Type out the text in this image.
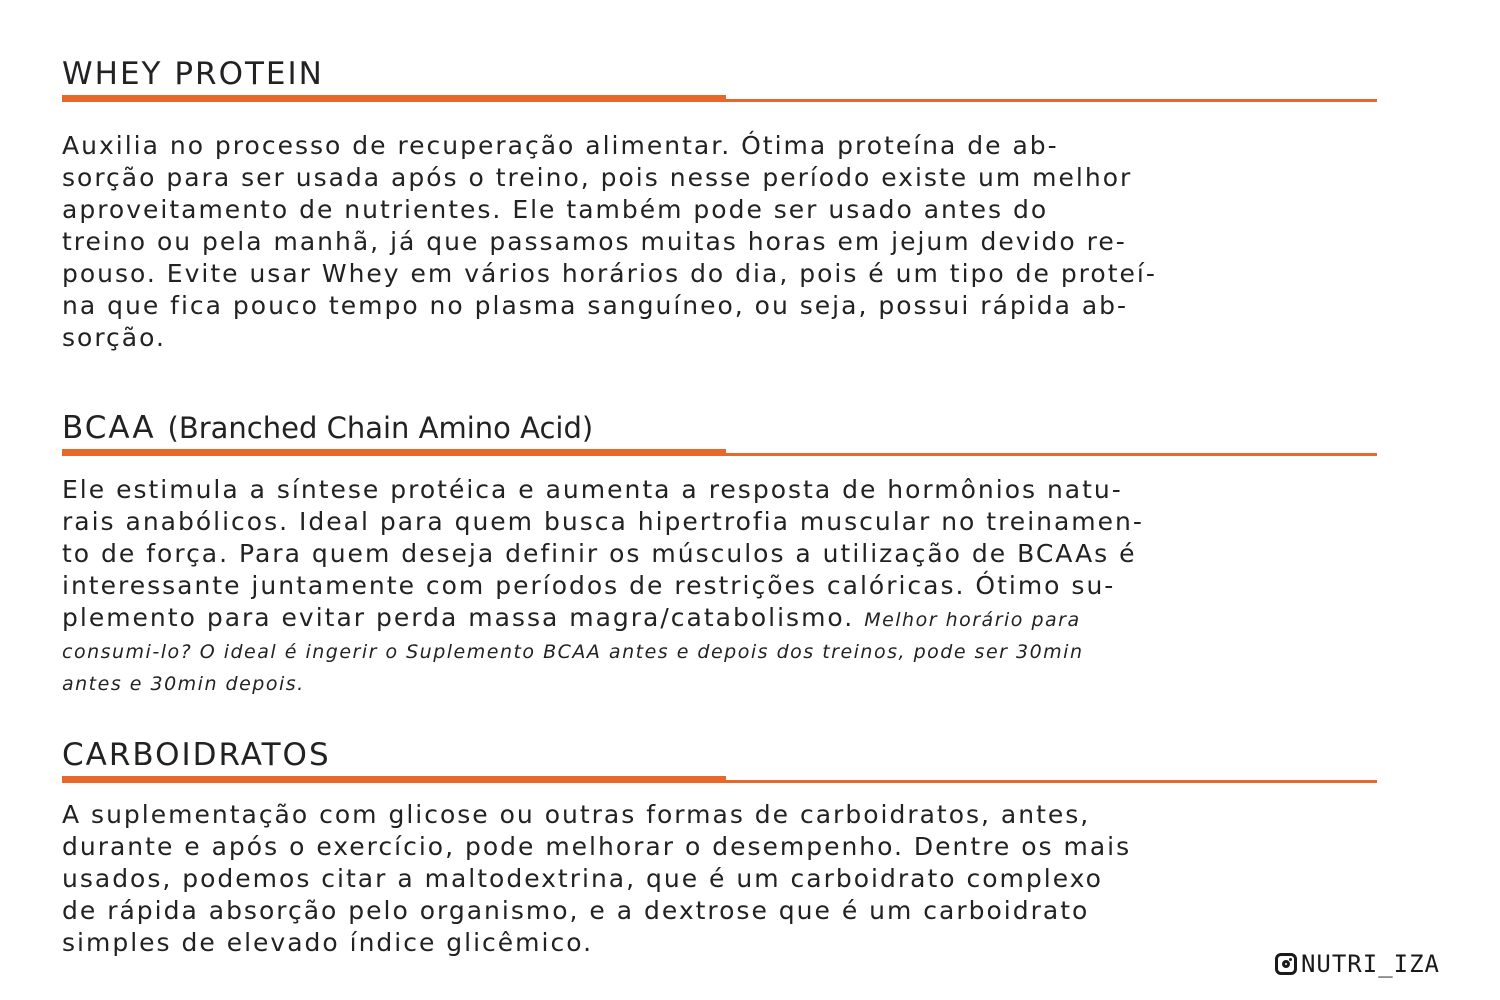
WHEY PROTEIN
Auxilia no processo de recuperação alimentar. Ótima proteína de ab-
sorção para ser usada após o treino, pois nesse período existe um melhor
aproveitamento de nutrientes. Ele também pode ser usado antes do
treino ou pela manhã, já que passamos muitas horas em jejum devido re-
pouso. Evite usar Whey em vários horários do dia, pois é um tipo de proteí-
na que fica pouco tempo no plasma sanguíneo, ou seja, possui rápida ab-
sorção.
BCAA (Branched Chain Amino Acid)
Ele estimula a síntese protéica e aumenta a resposta de hormônios natu-
rais anabólicos. Ideal para quem busca hipertrofia muscular no treinamen-
to de força. Para quem deseja definir os músculos a utilização de BCAAs é
interessante juntamente com períodos de restrições calóricas. Ótimo su-
plemento para evitar perda massa magra/catabolismo. Melhor horário para
consumi-lo? O ideal é ingerir o Suplemento BCAA antes e depois dos treinos, pode ser 30min
antes e 30min depois.
CARBOIDRATOS
A suplementação com glicose ou outras formas de carboidratos, antes,
durante e após o exercício, pode melhorar o desempenho. Dentre os mais
usados, podemos citar a maltodextrina, que é um carboidrato complexo
de rápida absorção pelo organismo, e a dextrose que é um carboidrato
simples de elevado índice glicêmico.
NUTRI_IZA
